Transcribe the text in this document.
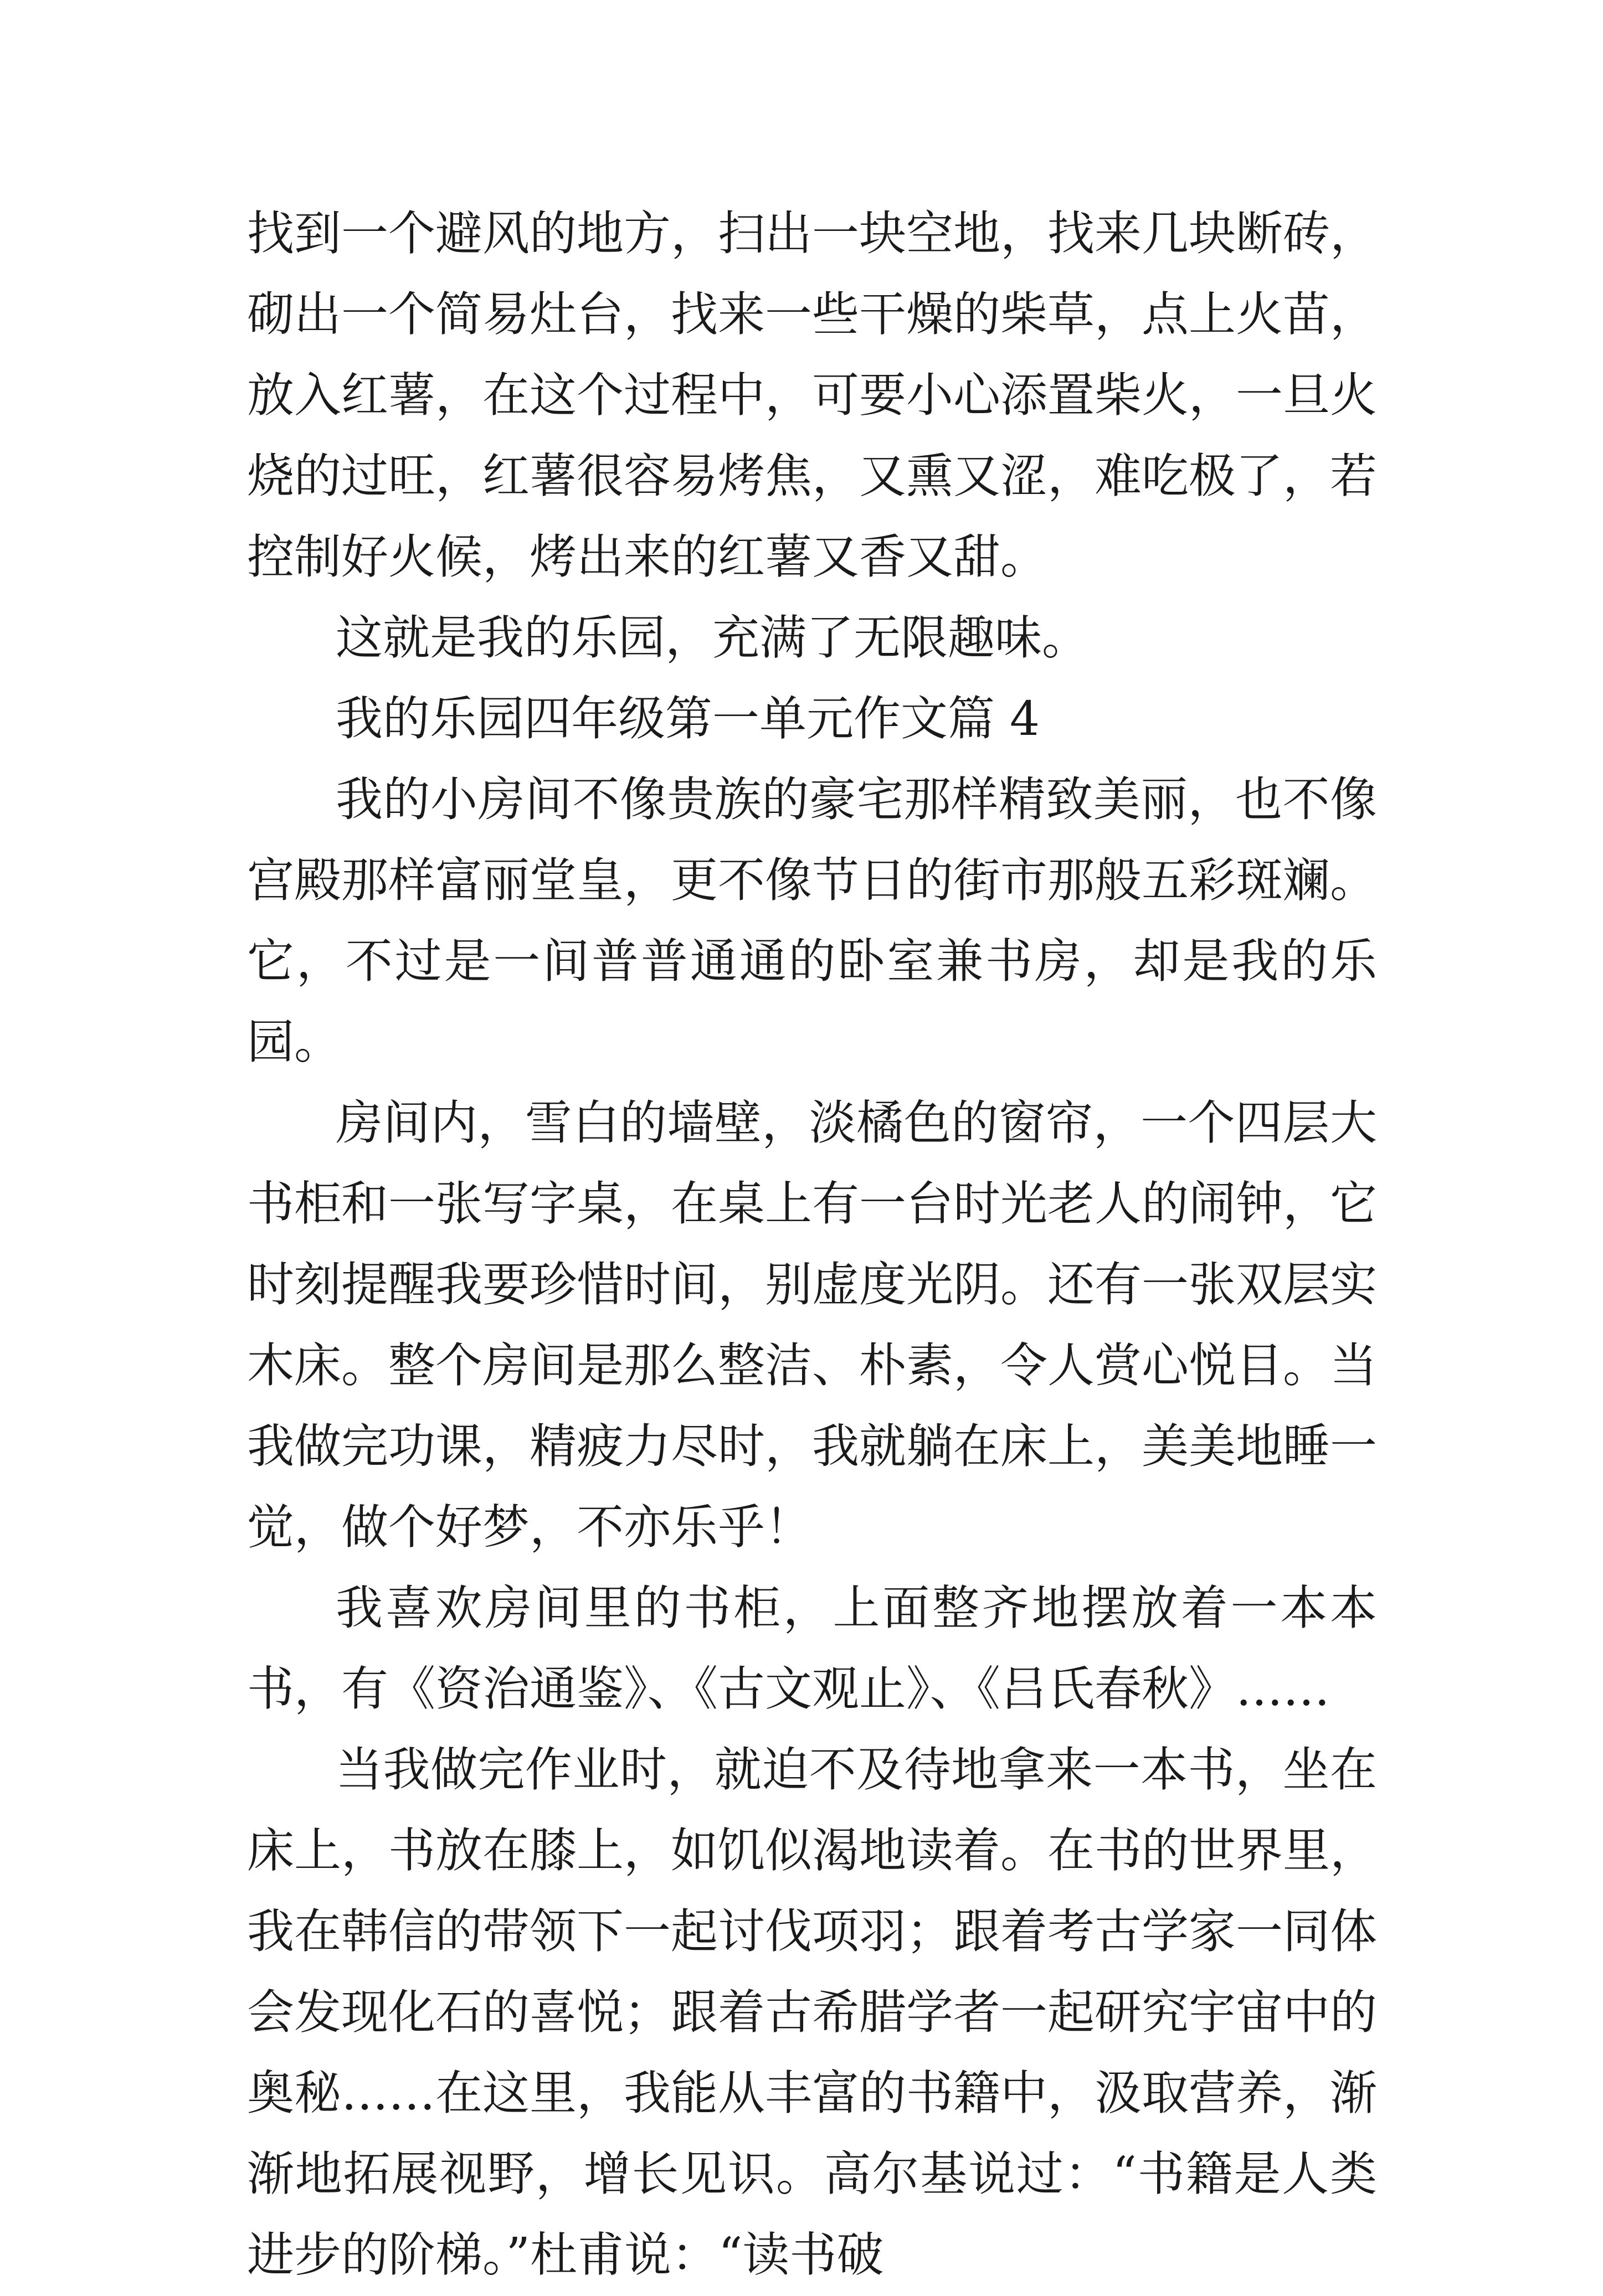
找到一个避风的地方，扫出一块空地，找来几块断砖，砌出一个简易灶台，找来一些干燥的柴草，点上火苗，放入红薯，在这个过程中，可要小心添置柴火，一旦火烧的过旺，红薯很容易烤焦，又熏又涩，难吃极了，若控制好火候，烤出来的红薯又香又甜。

这就是我的乐园，充满了无限趣味。

我的乐园四年级第一单元作文篇 4

我的小房间不像贵族的豪宅那样精致美丽，也不像宫殿那样富丽堂皇，更不像节日的街市那般五彩斑斓。它，不过是一间普普通通的卧室兼书房，却是我的乐园。

房间内，雪白的墙壁，淡橘色的窗帘，一个四层大书柜和一张写字桌，在桌上有一台时光老人的闹钟，它时刻提醒我要珍惜时间，别虚度光阴。还有一张双层实木床。整个房间是那么整洁、朴素，令人赏心悦目。当我做完功课，精疲力尽时，我就躺在床上，美美地睡一觉，做个好梦，不亦乐乎！

我喜欢房间里的书柜，上面整齐地摆放着一本本书，有《资治通鉴》、《古文观止》、《吕氏春秋》……

当我做完作业时，就迫不及待地拿来一本书，坐在床上，书放在膝上，如饥似渴地读着。在书的世界里，我在韩信的带领下一起讨伐项羽；跟着考古学家一同体会发现化石的喜悦；跟着古希腊学者一起研究宇宙中的奥秘……在这里，我能从丰富的书籍中，汲取营养，渐渐地拓展视野，增长见识。高尔基说过：“书籍是人类进步的阶梯。”杜甫说：“读书破
